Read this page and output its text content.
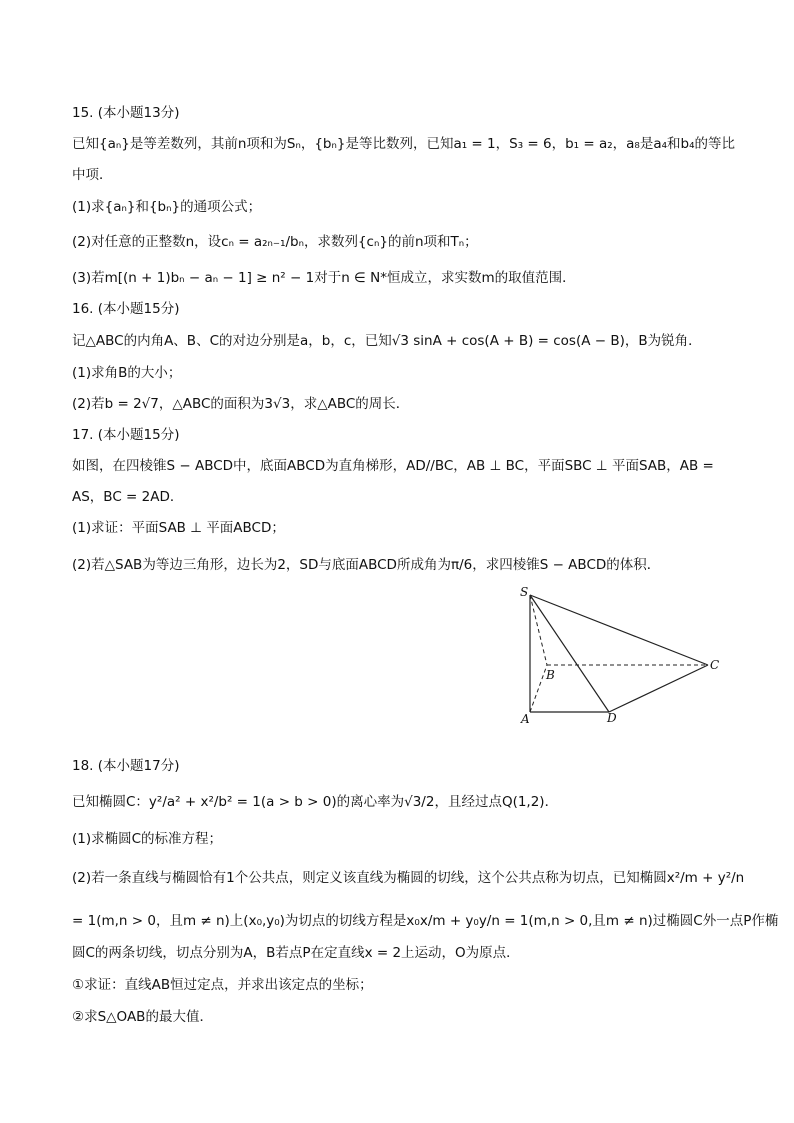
15. (本小题13分)
已知{aₙ}是等差数列，其前n项和为Sₙ，{bₙ}是等比数列，已知a₁ = 1，S₃ = 6，b₁ = a₂，a₈是a₄和b₄的等比
中项．
(1)求{aₙ}和{bₙ}的通项公式；
(2)对任意的正整数n，设cₙ = a₂ₙ₋₁/bₙ，求数列{cₙ}的前n项和Tₙ；
(3)若m[(n + 1)bₙ − aₙ − 1] ≥ n² − 1对于n ∈ N*恒成立，求实数m的取值范围．
16. (本小题15分)
记△ABC的内角A、B、C的对边分别是a，b，c，已知√3 sinA + cos(A + B) = cos(A − B)，B为锐角．
(1)求角B的大小；
(2)若b = 2√7，△ABC的面积为3√3，求△ABC的周长．
17. (本小题15分)
如图，在四棱锥S − ABCD中，底面ABCD为直角梯形，AD//BC，AB ⊥ BC，平面SBC ⊥ 平面SAB，AB =
AS，BC = 2AD．
(1)求证：平面SAB ⊥ 平面ABCD；
(2)若△SAB为等边三角形，边长为2，SD与底面ABCD所成角为π/6，求四棱锥S − ABCD的体积．
S
B
C
A	D
18. (本小题17分)
已知椭圆C：y²/a² + x²/b² = 1(a > b > 0)的离心率为√3/2，且经过点Q(1,2)．
(1)求椭圆C的标准方程；
(2)若一条直线与椭圆恰有1个公共点，则定义该直线为椭圆的切线，这个公共点称为切点，已知椭圆x²/m + y²/n
= 1(m,n > 0，且m ≠ n)上(x₀,y₀)为切点的切线方程是x₀x/m + y₀y/n = 1(m,n > 0,且m ≠ n)过椭圆C外一点P作椭
圆C的两条切线，切点分别为A，B若点P在定直线x = 2上运动，O为原点．
①求证：直线AB恒过定点，并求出该定点的坐标；
②求S△OAB的最大值．
